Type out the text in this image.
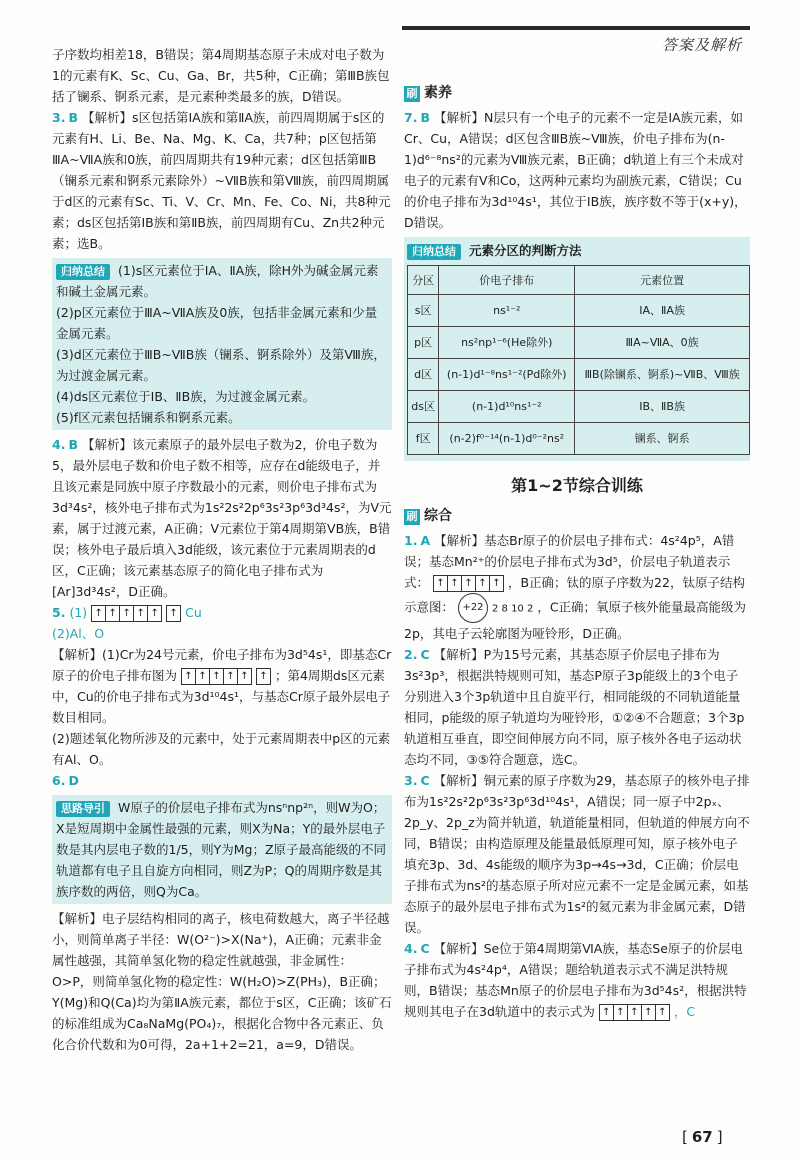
答案及解析

子序数均相差18，B错误；第4周期基态原子未成对电子数为1的元素有K、Sc、Cu、Ga、Br，共5种，C正确；第ⅢB族包括了镧系、锕系元素，是元素种类最多的族，D错误。

3. B 【解析】s区包括第ⅠA族和第ⅡA族，前四周期属于s区的元素有H、Li、Be、Na、Mg、K、Ca，共7种；p区包括第ⅢA~ⅦA族和0族，前四周期共有19种元素；d区包括第ⅢB（镧系元素和锕系元素除外）~ⅦB族和第Ⅷ族，前四周期属于d区的元素有Sc、Ti、V、Cr、Mn、Fe、Co、Ni，共8种元素；ds区包括第ⅠB族和第ⅡB族，前四周期有Cu、Zn共2种元素；选B。

归纳总结 (1)s区元素位于ⅠA、ⅡA族，除H外为碱金属元素和碱土金属元素。

(2)p区元素位于ⅢA~ⅦA族及0族，包括非金属元素和少量金属元素。

(3)d区元素位于ⅢB~ⅦB族（镧系、锕系除外）及第Ⅷ族，为过渡金属元素。

(4)ds区元素位于ⅠB、ⅡB族，为过渡金属元素。

(5)f区元素包括镧系和锕系元素。

4. B 【解析】该元素原子的最外层电子数为2，价电子数为5，最外层电子数和价电子数不相等，应存在d能级电子，并且该元素是同族中原子序数最小的元素，则价电子排布式为3d³4s²，核外电子排布式为1s²2s²2p⁶3s²3p⁶3d³4s²，为V元素，属于过渡元素，A正确；V元素位于第4周期第ⅤB族，B错误；核外电子最后填入3d能级，该元素位于元素周期表的d区，C正确；该元素基态原子的简化电子排布式为[Ar]3d³4s²，D正确。

5. (1) ↑ ↑ ↑ ↑ ↑
↑ Cu

(2)Al、O

【解析】(1)Cr为24号元素，价电子排布为3d⁵4s¹，即基态Cr原子的价电子排布图为 ↑ ↑ ↑ ↑ ↑
↑ ；第4周期ds区元素中，Cu的价电子排布式为3d¹⁰4s¹，与基态Cr原子最外层电子数目相同。

(2)题述氧化物所涉及的元素中，处于元素周期表中p区的元素有Al、O。

6. D

思路导引 W原子的价层电子排布式为nsⁿnp²ⁿ，则W为O；X是短周期中金属性最强的元素，则X为Na；Y的最外层电子数是其内层电子数的1/5，则Y为Mg；Z原子最高能级的不同轨道都有电子且自旋方向相同，则Z为P；Q的周期序数是其族序数的两倍，则Q为Ca。

【解析】电子层结构相同的离子，核电荷数越大，离子半径越小，则简单离子半径：W(O²⁻)>X(Na⁺)，A正确；元素非金属性越强，其简单氢化物的稳定性就越强，非金属性：O>P，则简单氢化物的稳定性：W(H₂O)>Z(PH₃)，B正确；Y(Mg)和Q(Ca)均为第ⅡA族元素，都位于s区，C正确；该矿石的标准组成为Ca₈NaMg(PO₄)₇，根据化合物中各元素正、负化合价代数和为0可得，2a+1+2=21，a=9，D错误。

刷 素养

7. B 【解析】N层只有一个电子的元素不一定是ⅠA族元素，如Cr、Cu，A错误；d区包含ⅢB族~Ⅷ族，价电子排布为(n-1)d⁶⁻⁸ns²的元素为Ⅷ族元素，B正确；d轨道上有三个未成对电子的元素有V和Co，这两种元素均为副族元素，C错误；Cu的价电子排布为3d¹⁰4s¹，其位于ⅠB族，族序数不等于(x+y)，D错误。

归纳总结 元素分区的判断方法
分区	价电子排布	元素位置
s区	ns¹⁻²	ⅠA、ⅡA族
p区	ns²np¹⁻⁶(He除外)	ⅢA~ⅦA、0族
d区	(n-1)d¹⁻⁸ns¹⁻²(Pd除外)	ⅢB(除镧系、锕系)~ⅦB、Ⅷ族
ds区	(n-1)d¹⁰ns¹⁻²	ⅠB、ⅡB族
f区	(n-2)f⁰⁻¹⁴(n-1)d⁰⁻²ns²	镧系、锕系
第1~2节综合训练
刷 综合

1. A 【解析】基态Br原子的价层电子排布式：4s²4p⁵，A错误；基态Mn²⁺的价层电子排布式为3d⁵，价层电子轨道表示式： ↑ ↑ ↑ ↑ ↑ ，B正确；钛的原子序数为22，钛原子结构示意图： +22 2 8 10 2 ，C正确；氧原子核外能量最高能级为2p，其电子云轮廓图为哑铃形，D正确。

2. C 【解析】P为15号元素，其基态原子价层电子排布为3s²3p³，根据洪特规则可知，基态P原子3p能级上的3个电子分别进入3个3p轨道中且自旋平行，相同能级的不同轨道能量相同，p能级的原子轨道均为哑铃形，①②④不合题意；3个3p轨道相互垂直，即空间伸展方向不同，原子核外各电子运动状态均不同，③⑤符合题意，选C。

3. C 【解析】铜元素的原子序数为29，基态原子的核外电子排布为1s²2s²2p⁶3s²3p⁶3d¹⁰4s¹，A错误；同一原子中2pₓ、2p_y、2p_z为简并轨道，轨道能量相同，但轨道的伸展方向不同，B错误；由构造原理及能量最低原理可知，原子核外电子填充3p、3d、4s能级的顺序为3p→4s→3d，C正确；价层电子排布式为ns²的基态原子所对应元素不一定是金属元素，如基态原子的最外层电子排布式为1s²的氦元素为非金属元素，D错误。

4. C 【解析】Se位于第4周期第ⅥA族，基态Se原子的价层电子排布式为4s²4p⁴，A错误；题给轨道表示式不满足洪特规则，B错误；基态Mn原子的价层电子排布为3d⁵4s²，根据洪特规则其电子在3d轨道中的表示式为 ↑ ↑ ↑ ↑ ↑ ，C

[ 67 ]
